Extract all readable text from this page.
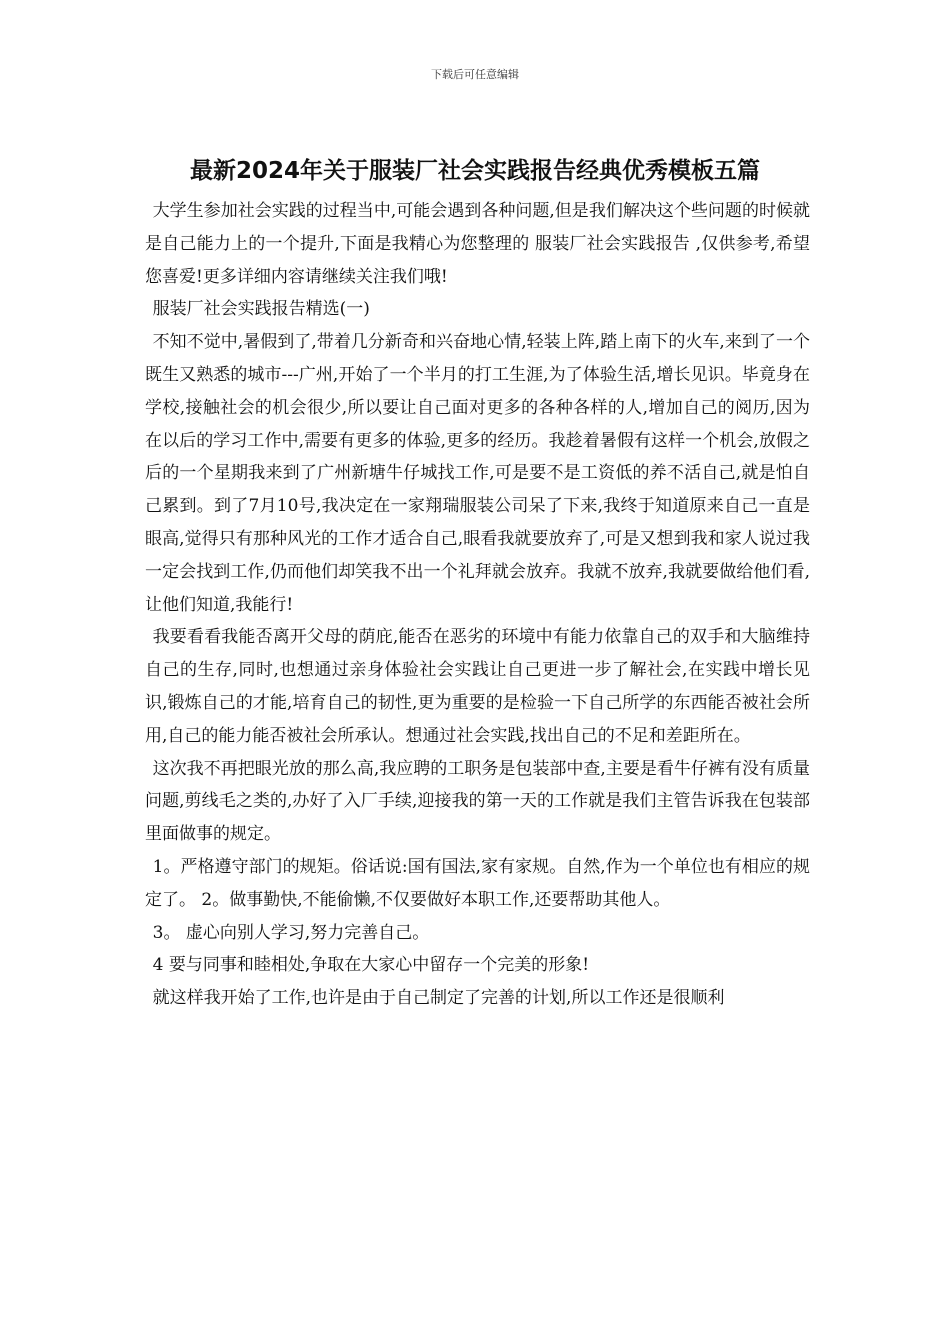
下载后可任意编辑
最新2024年关于服装厂社会实践报告经典优秀模板五篇

大学生参加社会实践的过程当中,可能会遇到各种问题,但是我们解决这个些问题的时候就是自己能力上的一个提升,下面是我精心为您整理的 服装厂社会实践报告 ,仅供参考,希望您喜爱!更多详细内容请继续关注我们哦!

服装厂社会实践报告精选(一)

不知不觉中,暑假到了,带着几分新奇和兴奋地心情,轻装上阵,踏上南下的火车,来到了一个既生又熟悉的城市---广州,开始了一个半月的打工生涯,为了体验生活,增长见识。毕竟身在学校,接触社会的机会很少,所以要让自己面对更多的各种各样的人,增加自己的阅历,因为在以后的学习工作中,需要有更多的体验,更多的经历。我趁着暑假有这样一个机会,放假之后的一个星期我来到了广州新塘牛仔城找工作,可是要不是工资低的养不活自己,就是怕自己累到。到了7月10号,我决定在一家翔瑞服装公司呆了下来,我终于知道原来自己一直是眼高,觉得只有那种风光的工作才适合自己,眼看我就要放弃了,可是又想到我和家人说过我一定会找到工作,仍而他们却笑我不出一个礼拜就会放弃。我就不放弃,我就要做给他们看,让他们知道,我能行!

我要看看我能否离开父母的荫庇,能否在恶劣的环境中有能力依靠自己的双手和大脑维持自己的生存,同时,也想通过亲身体验社会实践让自己更进一步了解社会,在实践中增长见识,锻炼自己的才能,培育自己的韧性,更为重要的是检验一下自己所学的东西能否被社会所用,自己的能力能否被社会所承认。想通过社会实践,找出自己的不足和差距所在。

这次我不再把眼光放的那么高,我应聘的工职务是包装部中查,主要是看牛仔裤有没有质量问题,剪线毛之类的,办好了入厂手续,迎接我的第一天的工作就是我们主管告诉我在包装部里面做事的规定。

1。严格遵守部门的规矩。俗话说:国有国法,家有家规。自然,作为一个单位也有相应的规定了。 2。做事勤快,不能偷懒,不仅要做好本职工作,还要帮助其他人。

3。 虚心向别人学习,努力完善自己。

4 要与同事和睦相处,争取在大家心中留存一个完美的形象!

就这样我开始了工作,也许是由于自己制定了完善的计划,所以工作还是很顺利
